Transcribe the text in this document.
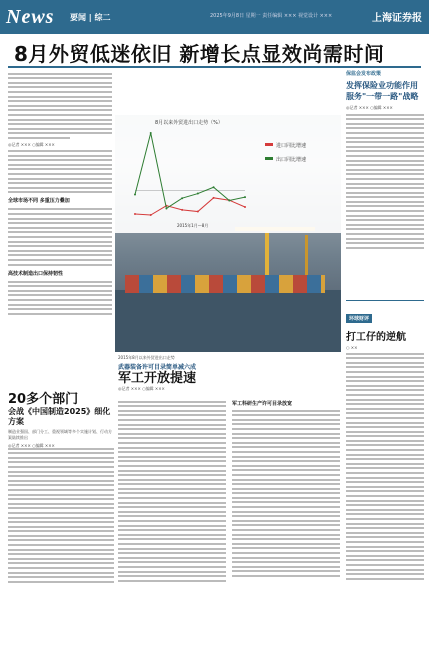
News 要闻 | 综二	2025年9月8日 星期一 责任编辑 ××× 视觉设计 ×××	上海证券报
8月外贸低迷依旧 新增长点显效尚需时间
◎记者 ××× ○编辑 ×××
全球市场不同 多重压力叠加
高技术制造出口保持韧性
8月以来外贸进出口走势（%）
进口同比增速
出口同比增速
2015年1月—8月
2015年8月以来外贸进出口走势
保监会发布政策
发挥保险业功能作用
服务"一带一路"战略
◎记者 ××× ○编辑 ×××
环球财评
打工仔的逆航
○ ××
武器装备许可目录简单减六成
军工开放提速
◎记者 ××× ○编辑 ×××
军工科研生产许可目录放宽
20多个部门
会战《中国制造2025》细化方案
制造业强国、部门分工、重视领域等多个实施计划、行动方案陆续推出
◎记者 ××× ○编辑 ×××
